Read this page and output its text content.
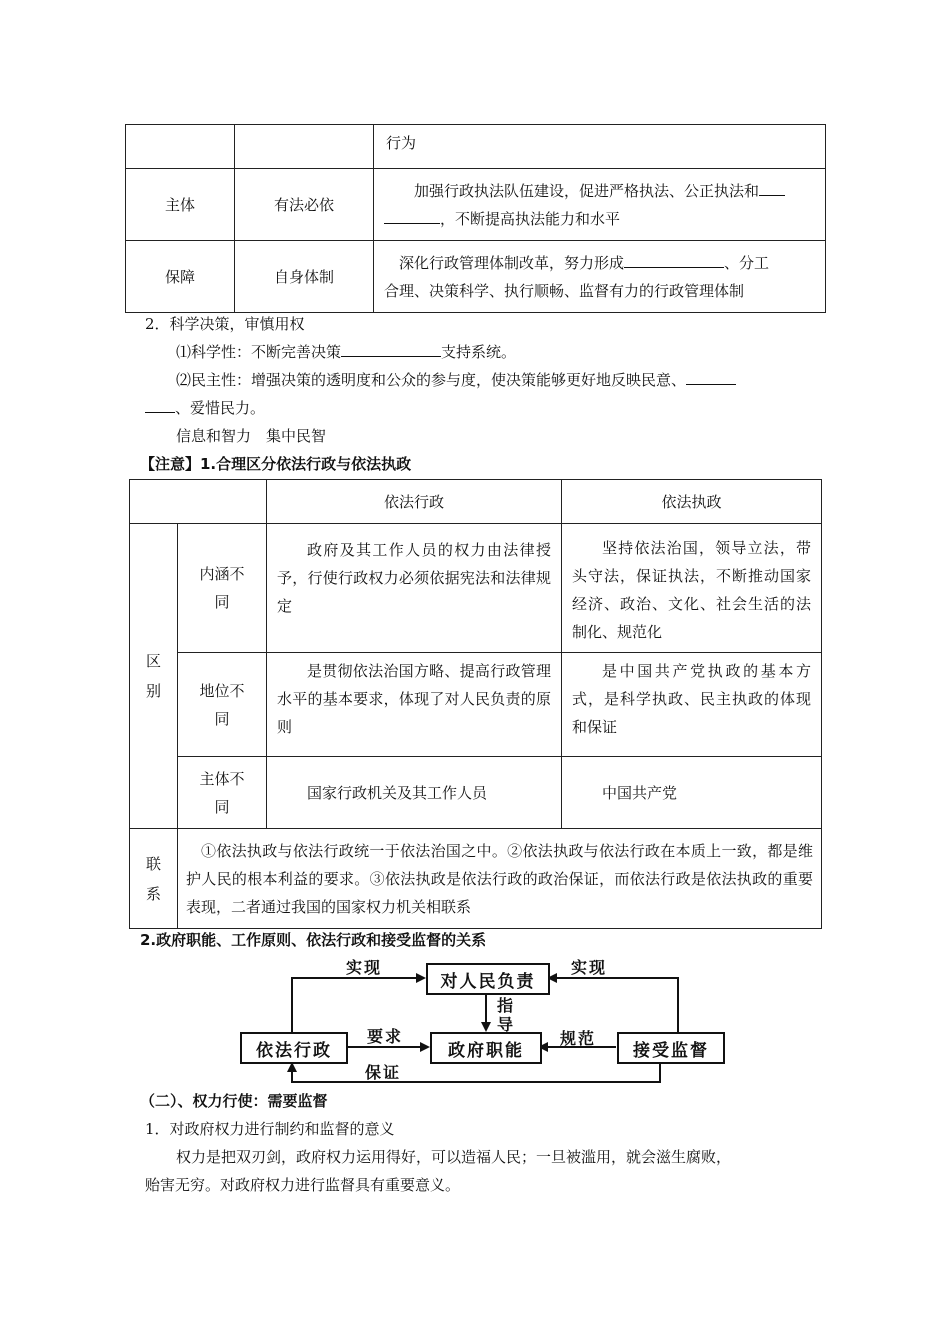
		行为
主体	有法必依	加强行政执法队伍建设，促进严格执法、公正执法和
，不断提高执法能力和水平

保障	自身体制	深化行政管理体制改革，努力形成 、分工
合理、决策科学、执行顺畅、监督有力的行政管理体制
2．科学决策，审慎用权
⑴科学性：不断完善决策	支持系统。
⑵民主性：增强决策的透明度和公众的参与度，使决策能够更好地反映民意、
、爱惜民力。
信息和智力　集中民智
【注意】1.合理区分依法行政与依法执政
		依法行政	依法执政
区别	内涵不同	政府及其工作人员的权力由法律授予，行使行政权力必须依据宪法和法律规定	坚持依法治国，领导立法，带头守法，保证执法，不断推动国家经济、政治、文化、社会生活的法制化、规范化
	地位不同	是贯彻依法治国方略、提高行政管理水平的基本要求，体现了对人民负责的原则	是中国共产党执政的基本方式，是科学执政、民主执政的体现和保证
	主体不同	国家行政机关及其工作人员	中国共产党
联系	①依法执政与依法行政统一于依法治国之中。②依法执政与依法行政在本质上一致，都是维护人民的根本利益的要求。③依法执政是依法行政的政治保证，而依法行政是依法执政的重要表现，二者通过我国的国家权力机关相联系		
2.政府职能、工作原则、依法行政和接受监督的关系
对人民负责
依法行政	政府职能	接受监督
实现	实现
指
导
要求	规范
保证
（二）、权力行使：需要监督
1．对政府权力进行制约和监督的意义
权力是把双刃剑，政府权力运用得好，可以造福人民；一旦被滥用，就会滋生腐败，
贻害无穷。对政府权力进行监督具有重要意义。
